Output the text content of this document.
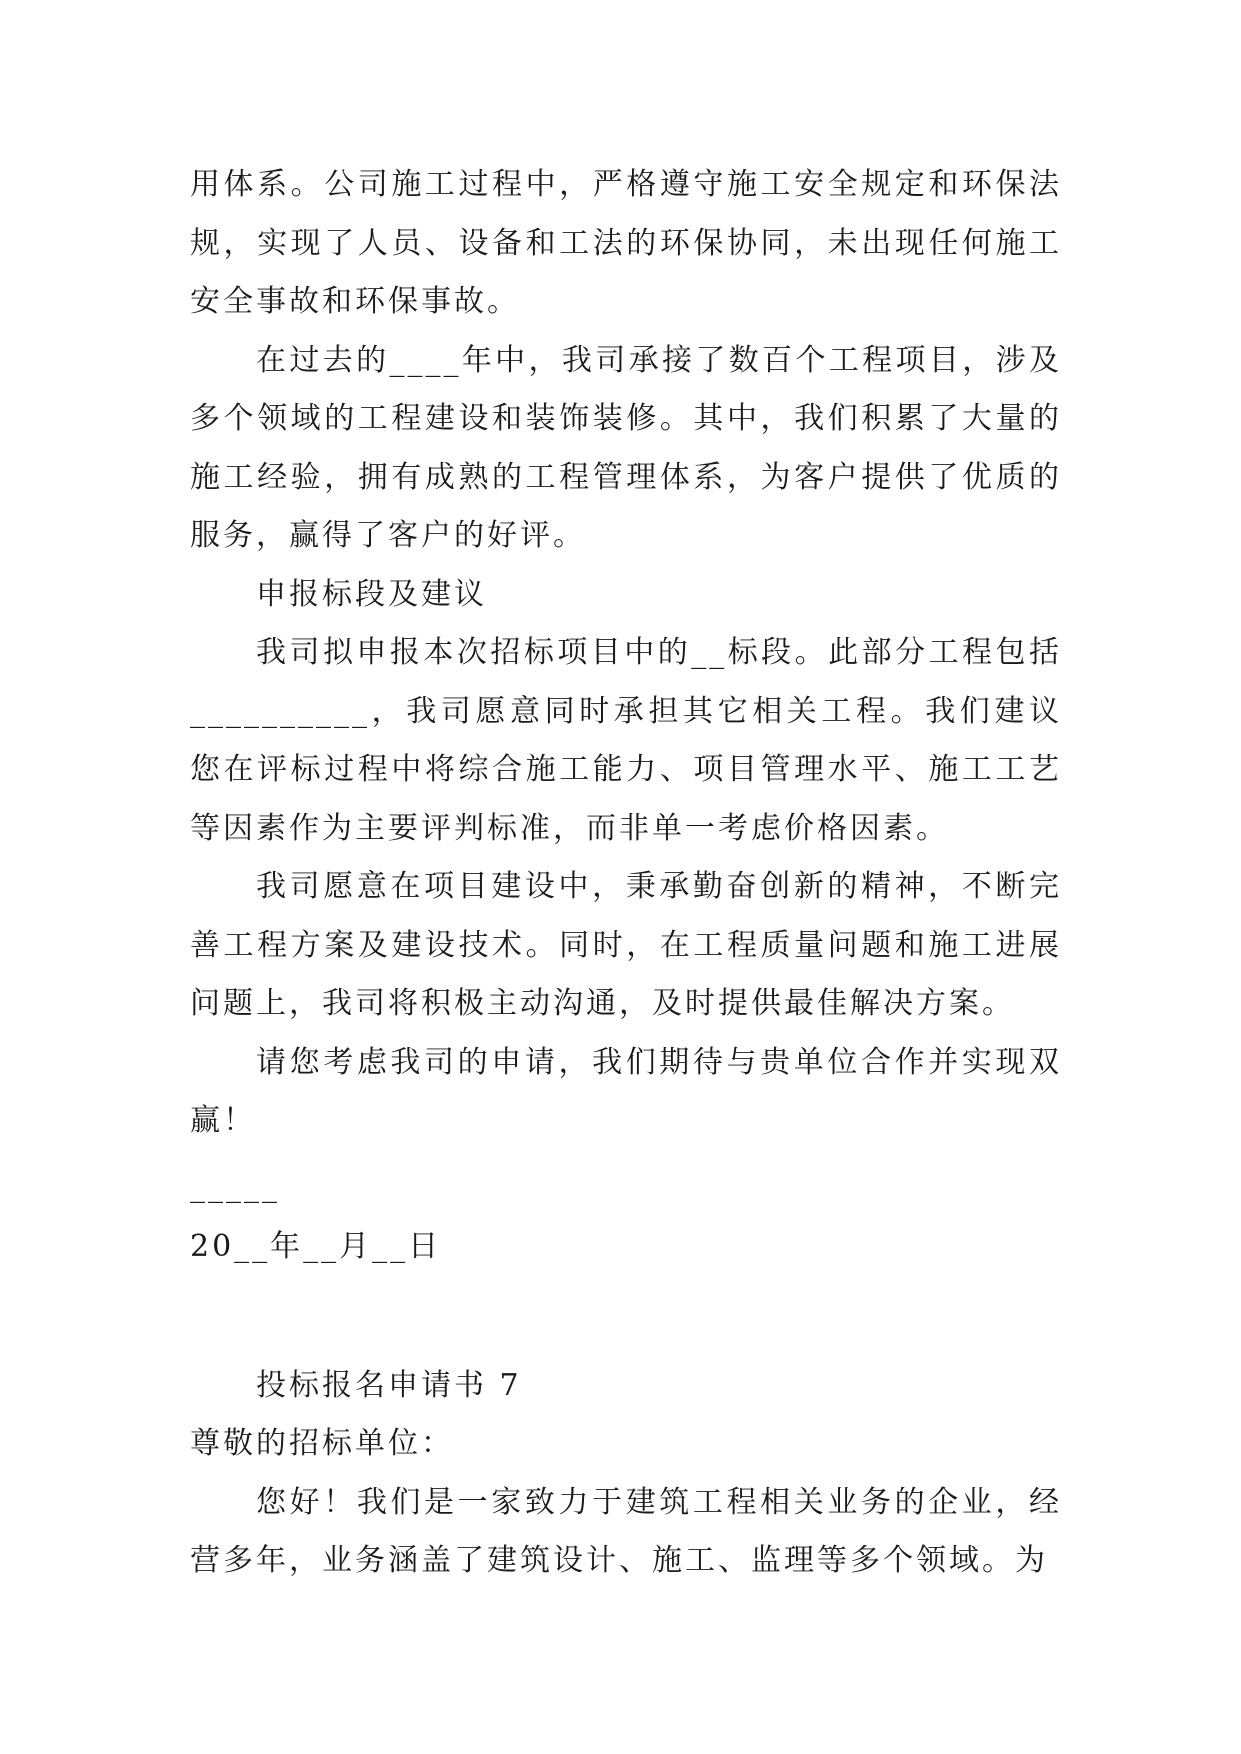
用体系。公司施工过程中，严格遵守施工安全规定和环保法规，实现了人员、设备和工法的环保协同，未出现任何施工安全事故和环保事故。

在过去的____年中，我司承接了数百个工程项目，涉及多个领域的工程建设和装饰装修。其中，我们积累了大量的施工经验，拥有成熟的工程管理体系，为客户提供了优质的服务，赢得了客户的好评。

申报标段及建议

我司拟申报本次招标项目中的__标段。此部分工程包括__________，我司愿意同时承担其它相关工程。我们建议您在评标过程中将综合施工能力、项目管理水平、施工工艺等因素作为主要评判标准，而非单一考虑价格因素。

我司愿意在项目建设中，秉承勤奋创新的精神，不断完善工程方案及建设技术。同时，在工程质量问题和施工进展问题上，我司将积极主动沟通，及时提供最佳解决方案。

请您考虑我司的申请，我们期待与贵单位合作并实现双赢！

_____

20__年__月__日

投标报名申请书 7

尊敬的招标单位：

您好！我们是一家致力于建筑工程相关业务的企业，经营多年，业务涵盖了建筑设计、施工、监理等多个领域。为
